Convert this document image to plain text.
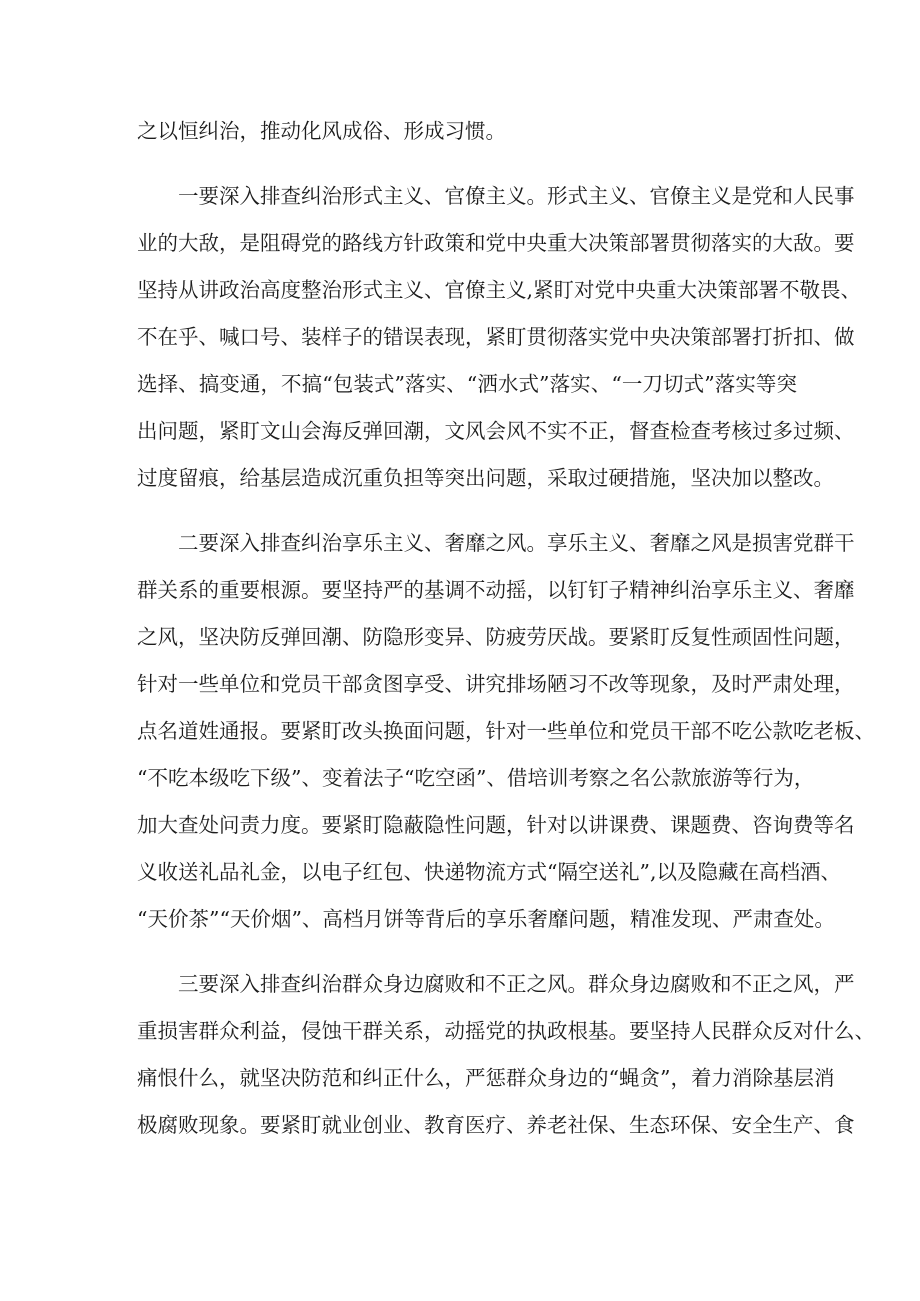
之以恒纠治，推动化风成俗、形成习惯。

一要深入排查纠治形式主义、官僚主义。形式主义、官僚主义是党和人民事

业的大敌，是阻碍党的路线方针政策和党中央重大决策部署贯彻落实的大敌。要

坚持从讲政治高度整治形式主义、官僚主义,紧盯对党中央重大决策部署不敬畏、

不在乎、喊口号、装样子的错误表现，紧盯贯彻落实党中央决策部署打折扣、做

选择、搞变通，不搞“包装式”落实、“洒水式”落实、“一刀切式”落实等突

出问题，紧盯文山会海反弹回潮，文风会风不实不正，督查检查考核过多过频、

过度留痕，给基层造成沉重负担等突出问题，采取过硬措施，坚决加以整改。

二要深入排查纠治享乐主义、奢靡之风。享乐主义、奢靡之风是损害党群干

群关系的重要根源。要坚持严的基调不动摇，以钉钉子精神纠治享乐主义、奢靡

之风，坚决防反弹回潮、防隐形变异、防疲劳厌战。要紧盯反复性顽固性问题，

针对一些单位和党员干部贪图享受、讲究排场陋习不改等现象，及时严肃处理，

点名道姓通报。要紧盯改头换面问题，针对一些单位和党员干部不吃公款吃老板、

“不吃本级吃下级”、变着法子“吃空函”、借培训考察之名公款旅游等行为，

加大查处问责力度。要紧盯隐蔽隐性问题，针对以讲课费、课题费、咨询费等名

义收送礼品礼金，以电子红包、快递物流方式“隔空送礼”,以及隐藏在高档酒、

“天价茶”“天价烟”、高档月饼等背后的享乐奢靡问题，精准发现、严肃查处。

三要深入排查纠治群众身边腐败和不正之风。群众身边腐败和不正之风，严

重损害群众利益，侵蚀干群关系，动摇党的执政根基。要坚持人民群众反对什么、

痛恨什么，就坚决防范和纠正什么，严惩群众身边的“蝇贪”，着力消除基层消

极腐败现象。要紧盯就业创业、教育医疗、养老社保、生态环保、安全生产、食
